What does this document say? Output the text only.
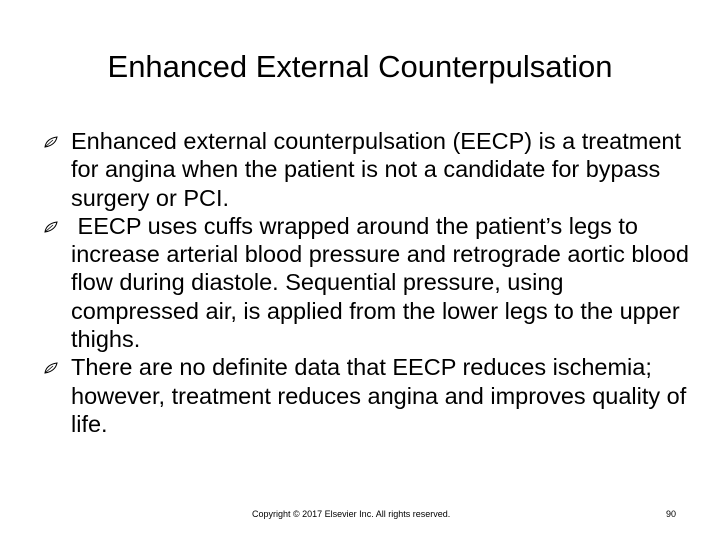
Enhanced External Counterpulsation
Enhanced external counterpulsation (EECP) is a treatment for angina when the patient is not a candidate for bypass surgery or PCI.
EECP uses cuffs wrapped around the patient’s legs to increase arterial blood pressure and retrograde aortic blood flow during diastole. Sequential pressure, using compressed air, is applied from the lower legs to the upper thighs.
There are no definite data that EECP reduces ischemia; however, treatment reduces angina and improves quality of life.
Copyright © 2017 Elsevier Inc. All rights reserved.	90
